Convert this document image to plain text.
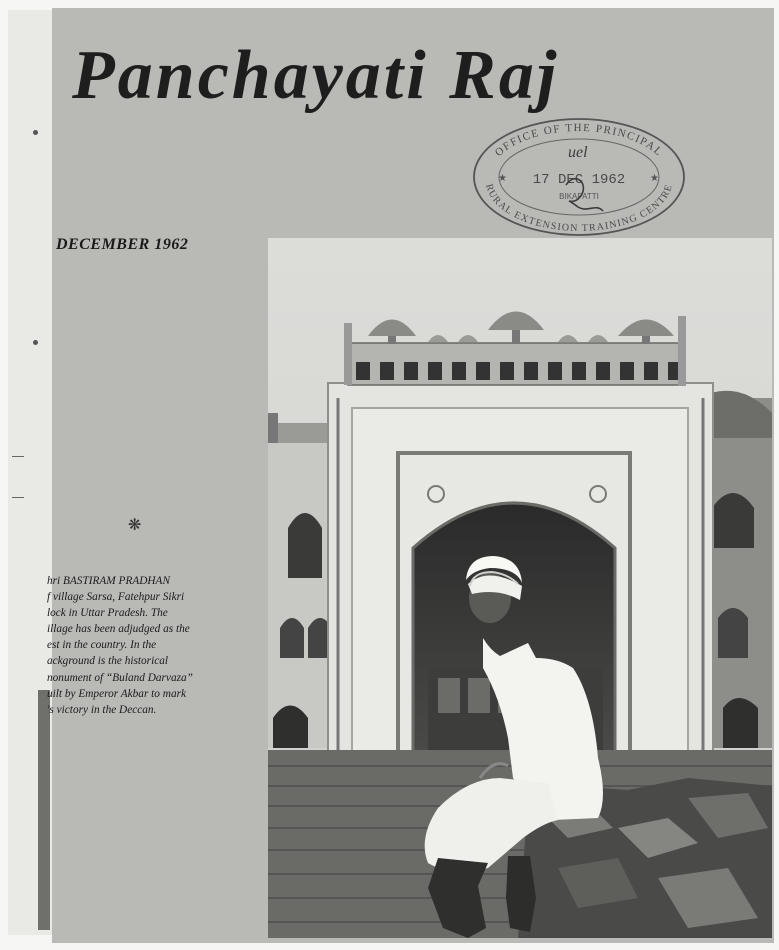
Panchayati Raj
OFFICE OF THE PRINCIPAL
RURAL EXTENSION TRAINING CENTRE
17 DEC 1962
BIKAPATTI
uel
★	★
DECEMBER 1962
❋
hri BASTIRAM PRADHAN
f village Sarsa, Fatehpur Sikri
lock in Uttar Pradesh. The
illage has been adjudged as the
est in the country. In the
ackground is the historical
nonument of “Buland Darvaza”
uilt by Emperor Akbar to mark
's victory in the Deccan.
